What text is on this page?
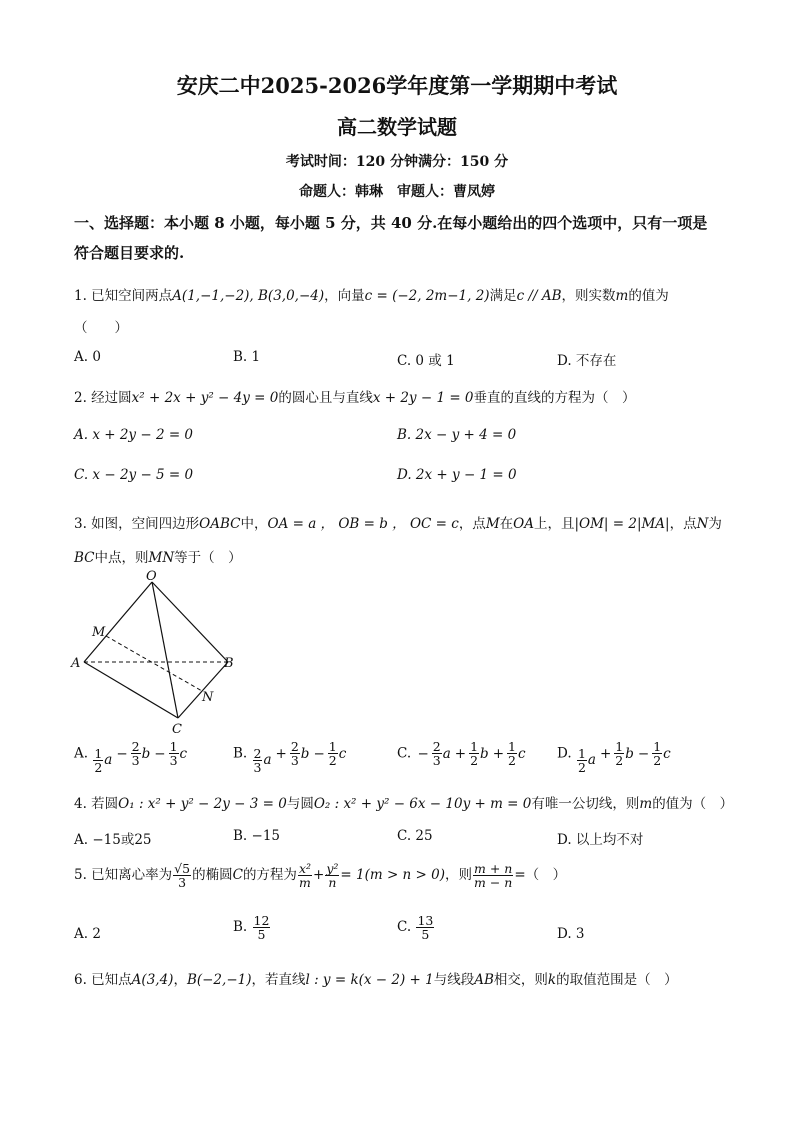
安庆二中2025-2026学年度第一学期期中考试
高二数学试题
考试时间：120 分钟满分：150 分
命题人：韩琳　审题人：曹凤婷
一、选择题：本小题 8 小题，每小题 5 分，共 40 分.在每小题给出的四个选项中，只有一项是
符合题目要求的.
1. 已知空间两点A(1,−1,−2), B(3,0,−4)，向量c = (−2, 2m−1, 2)满足c // AB，则实数m的值为
（　　）
A. 0	B. 1	C. 0 或 1	D. 不存在
2. 经过圆x² + 2x + y² − 4y = 0的圆心且与直线x + 2y − 1 = 0垂直的直线的方程为（　）
A. x + 2y − 2 = 0	B. 2x − y + 4 = 0
C. x − 2y − 5 = 0	D. 2x + y − 1 = 0
3. 如图，空间四边形OABC中，OA = a ， OB = b ， OC = c，点M在OA上，且|OM| = 2|MA|，点N为
BC中点，则MN等于（　）
O
M
A	B
N
C
A. $\frac{1}{2}$ $a - \frac{2}{3}$ $b - \frac{1}{3}$ c	B. $\frac{2}{3}$ $a + \frac{2}{3}$ $b - \frac{1}{2}$ c	C. − $\frac{2}{3}$ $a + \frac{1}{2}$ $b + \frac{1}{2}$ c D. $\frac{1}{2}$ $a + \frac{1}{2}$ $b - \frac{1}{2}$ c
4. 若圆O₁ : x² + y² − 2y − 3 = 0与圆O₂ : x² + y² − 6x − 10y + m = 0有唯一公切线，则m的值为（　）
A. −15或25	B. −15	C. 25	D. 以上均不对
5. 已知离心率为 $\frac{√5}{3}$ 的椭圆C的方程为 $\frac{\text{x²}}{m} + \frac{\text{y²}}{n} = 1(m > n > 0)$，则 $\frac{m + n}{m - n}$ =（　）
A. 2	B. $\frac{12}{5}$	C. $\frac{13}{5}$	D. 3
6. 已知点A(3,4)，B(−2,−1)，若直线l : y = k(x − 2) + 1与线段AB相交，则k的取值范围是（　）
